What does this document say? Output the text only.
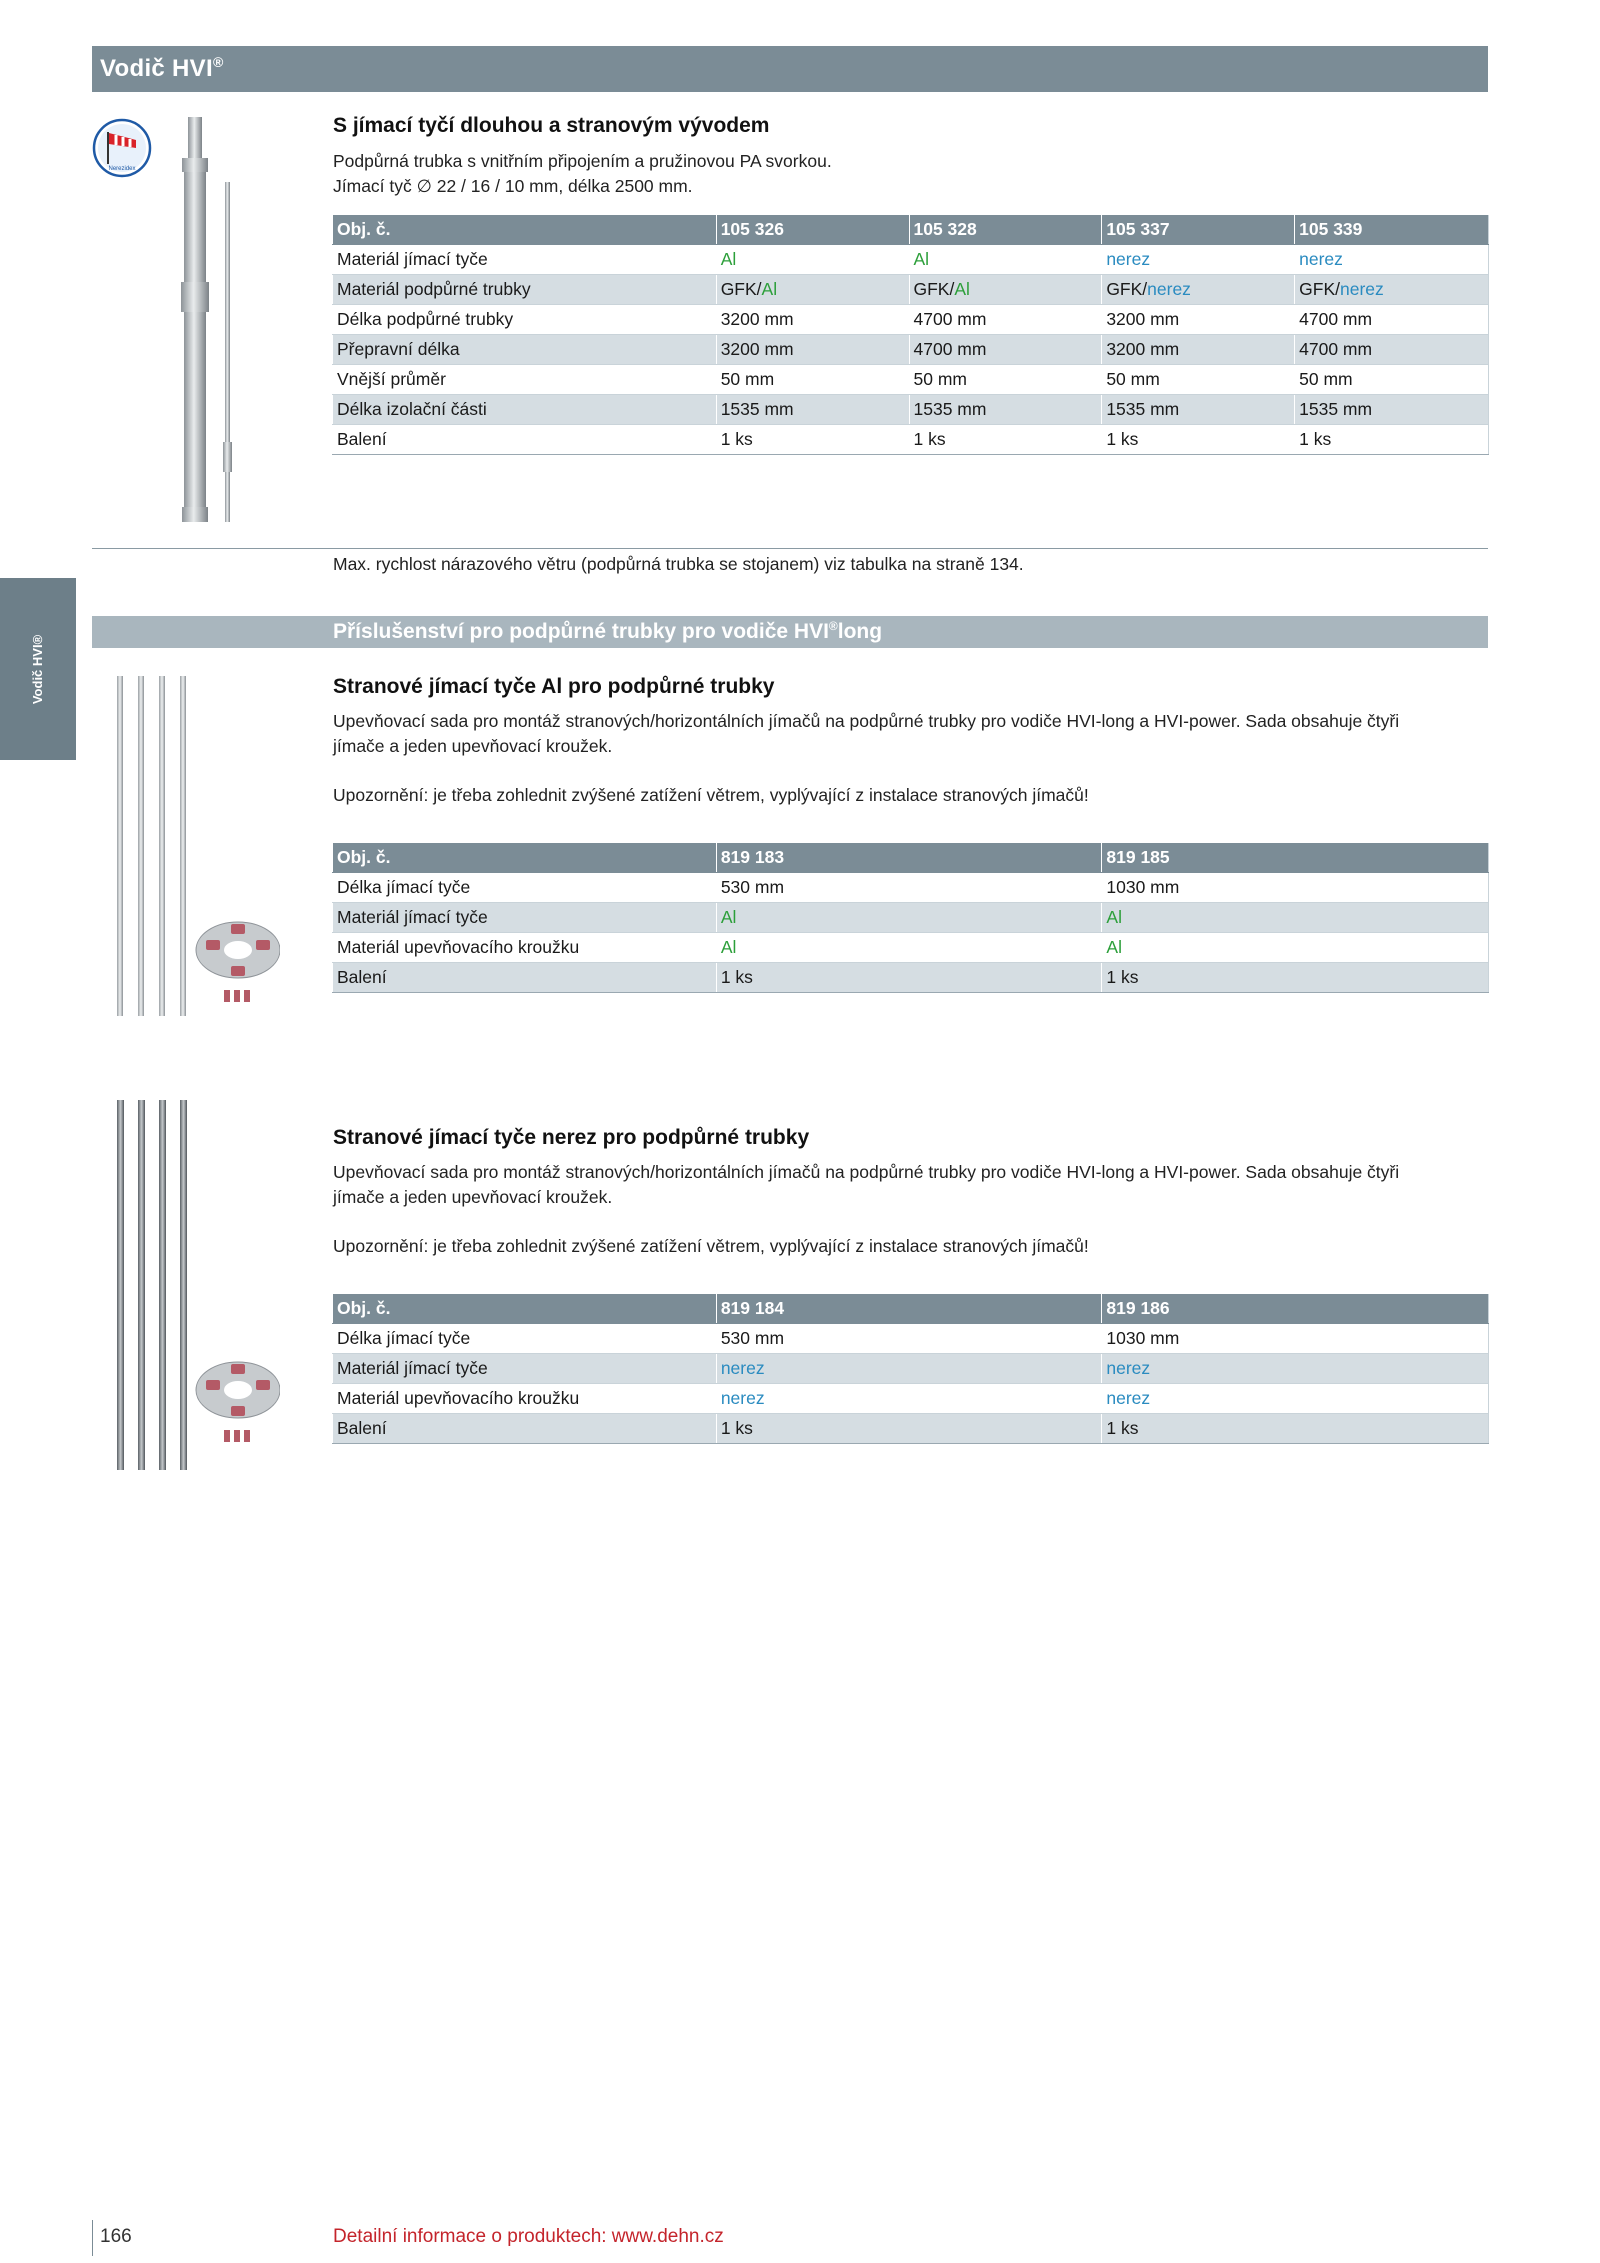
Vodič HVI®
Vodič HVI®
Nerezidex
S jímací tyčí dlouhou a stranovým vývodem

Podpůrná trubka s vnitřním připojením a pružinovou PA svorkou.

Jímací tyč ∅ 22 / 16 / 10 mm, délka 2500 mm.

Obj. č.	105 326	105 328	105 337	105 339
Materiál jímací tyče	Al	Al	nerez	nerez
Materiál podpůrné trubky	GFK/Al	GFK/Al	GFK/nerez	GFK/nerez
Délka podpůrné trubky	3200 mm	4700 mm	3200 mm	4700 mm
Přepravní délka	3200 mm	4700 mm	3200 mm	4700 mm
Vnější průměr	50 mm	50 mm	50 mm	50 mm
Délka izolační části	1535 mm	1535 mm	1535 mm	1535 mm
Balení	1 ks	1 ks	1 ks	1 ks
Max. rychlost nárazového větru (podpůrná trubka se stojanem) viz tabulka na straně 134.
Příslušenství pro podpůrné trubky pro vodiče HVI®long
Stranové jímací tyče Al pro podpůrné trubky

Upevňovací sada pro montáž stranových/horizontálních jímačů na podpůrné trubky pro vodiče HVI-long a HVI-power. Sada obsahuje čtyři

jímače a jeden upevňovací kroužek.

Upozornění: je třeba zohlednit zvýšené zatížení větrem, vyplývající z instalace stranových jímačů!

Obj. č.	819 183	819 185
Délka jímací tyče	530 mm	1030 mm
Materiál jímací tyče	Al	Al
Materiál upevňovacího kroužku	Al	Al
Balení	1 ks	1 ks
Stranové jímací tyče nerez pro podpůrné trubky

Upevňovací sada pro montáž stranových/horizontálních jímačů na podpůrné trubky pro vodiče HVI-long a HVI-power. Sada obsahuje čtyři

jímače a jeden upevňovací kroužek.

Upozornění: je třeba zohlednit zvýšené zatížení větrem, vyplývající z instalace stranových jímačů!

Obj. č.	819 184	819 186
Délka jímací tyče	530 mm	1030 mm
Materiál jímací tyče	nerez	nerez
Materiál upevňovacího kroužku	nerez	nerez
Balení	1 ks	1 ks
166	Detailní informace o produktech: www.dehn.cz
